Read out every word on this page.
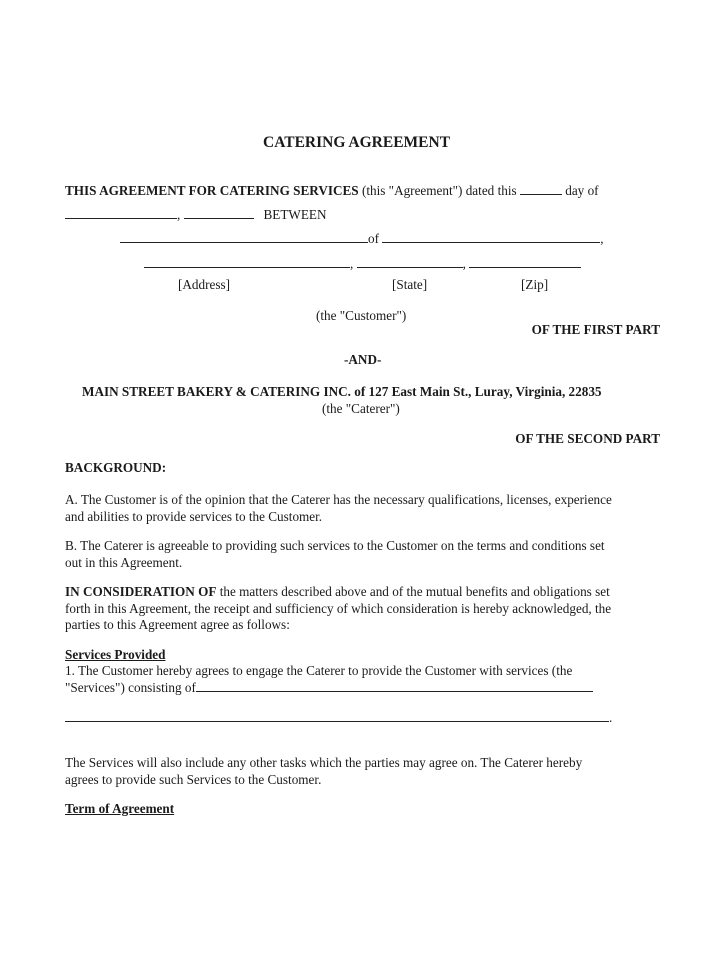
CATERING AGREEMENT
THIS AGREEMENT FOR CATERING SERVICES (this "Agreement") dated this	day of
,	BETWEEN
of	,
,	,
[Address]	[State]	[Zip]
(the "Customer")
OF THE FIRST PART
-AND-
MAIN STREET BAKERY & CATERING INC. of 127 East Main St., Luray, Virginia, 22835
(the "Caterer")
OF THE SECOND PART
BACKGROUND:
A. The Customer is of the opinion that the Caterer has the necessary qualifications, licenses, experience
and abilities to provide services to the Customer.
B. The Caterer is agreeable to providing such services to the Customer on the terms and conditions set
out in this Agreement.
IN CONSIDERATION OF the matters described above and of the mutual benefits and obligations set
forth in this Agreement, the receipt and sufficiency of which consideration is hereby acknowledged, the
parties to this Agreement agree as follows:
Services Provided
1. The Customer hereby agrees to engage the Caterer to provide the Customer with services (the
"Services") consisting of
.
The Services will also include any other tasks which the parties may agree on. The Caterer hereby
agrees to provide such Services to the Customer.
Term of Agreement
